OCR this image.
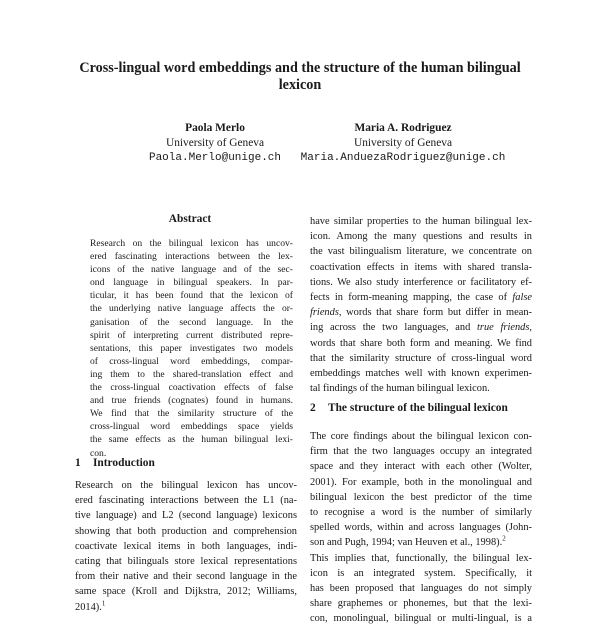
Cross-lingual word embeddings and the structure of the human bilingual lexicon
Paola Merlo
University of Geneva
Paola.Merlo@unige.ch
Maria A. Rodriguez
University of Geneva
Maria.AnduezaRodriguez@unige.ch
Abstract
Research on the bilingual lexicon has uncov-
ered fascinating interactions between the lex-
icons of the native language and of the sec-
ond language in bilingual speakers. In par-
ticular, it has been found that the lexicon of
the underlying native language affects the or-
ganisation of the second language. In the
spirit of interpreting current distributed repre-
sentations, this paper investigates two models
of cross-lingual word embeddings, compar-
ing them to the shared-translation effect and
the cross-lingual coactivation effects of false
and true friends (cognates) found in humans.
We find that the similarity structure of the
cross-lingual word embeddings space yields
the same effects as the human bilingual lexi-
con.
1 Introduction
Research on the bilingual lexicon has uncov-
ered fascinating interactions between the L1 (na-
tive language) and L2 (second language) lexicons
showing that both production and comprehension
coactivate lexical items in both languages, indi-
cating that bilinguals store lexical representations
from their native and their second language in the
same space (Kroll and Dijkstra, 2012; Williams,
2014).$^1$
have similar properties to the human bilingual lex-
icon. Among the many questions and results in
the vast bilingualism literature, we concentrate on
coactivation effects in items with shared transla-
tions. We also study interference or facilitatory ef-
fects in form-meaning mapping, the case of false
friends, words that share form but differ in mean-
ing across the two languages, and true friends,
words that share both form and meaning. We find
that the similarity structure of cross-lingual word
embeddings matches well with known experimen-
tal findings of the human bilingual lexicon.
2 The structure of the bilingual lexicon
The core findings about the bilingual lexicon con-
firm that the two languages occupy an integrated
space and they interact with each other (Wolter,
2001). For example, both in the monolingual and
bilingual lexicon the best predictor of the time
to recognise a word is the number of similarly
spelled words, within and across languages (John-
son and Pugh, 1994; van Heuven et al., 1998).$^2$
This implies that, functionally, the bilingual lex-
icon is an integrated system. Specifically, it
has been proposed that languages do not simply
share graphemes or phonemes, but that the lexi-
con, monolingual, bilingual or multi-lingual, is a
